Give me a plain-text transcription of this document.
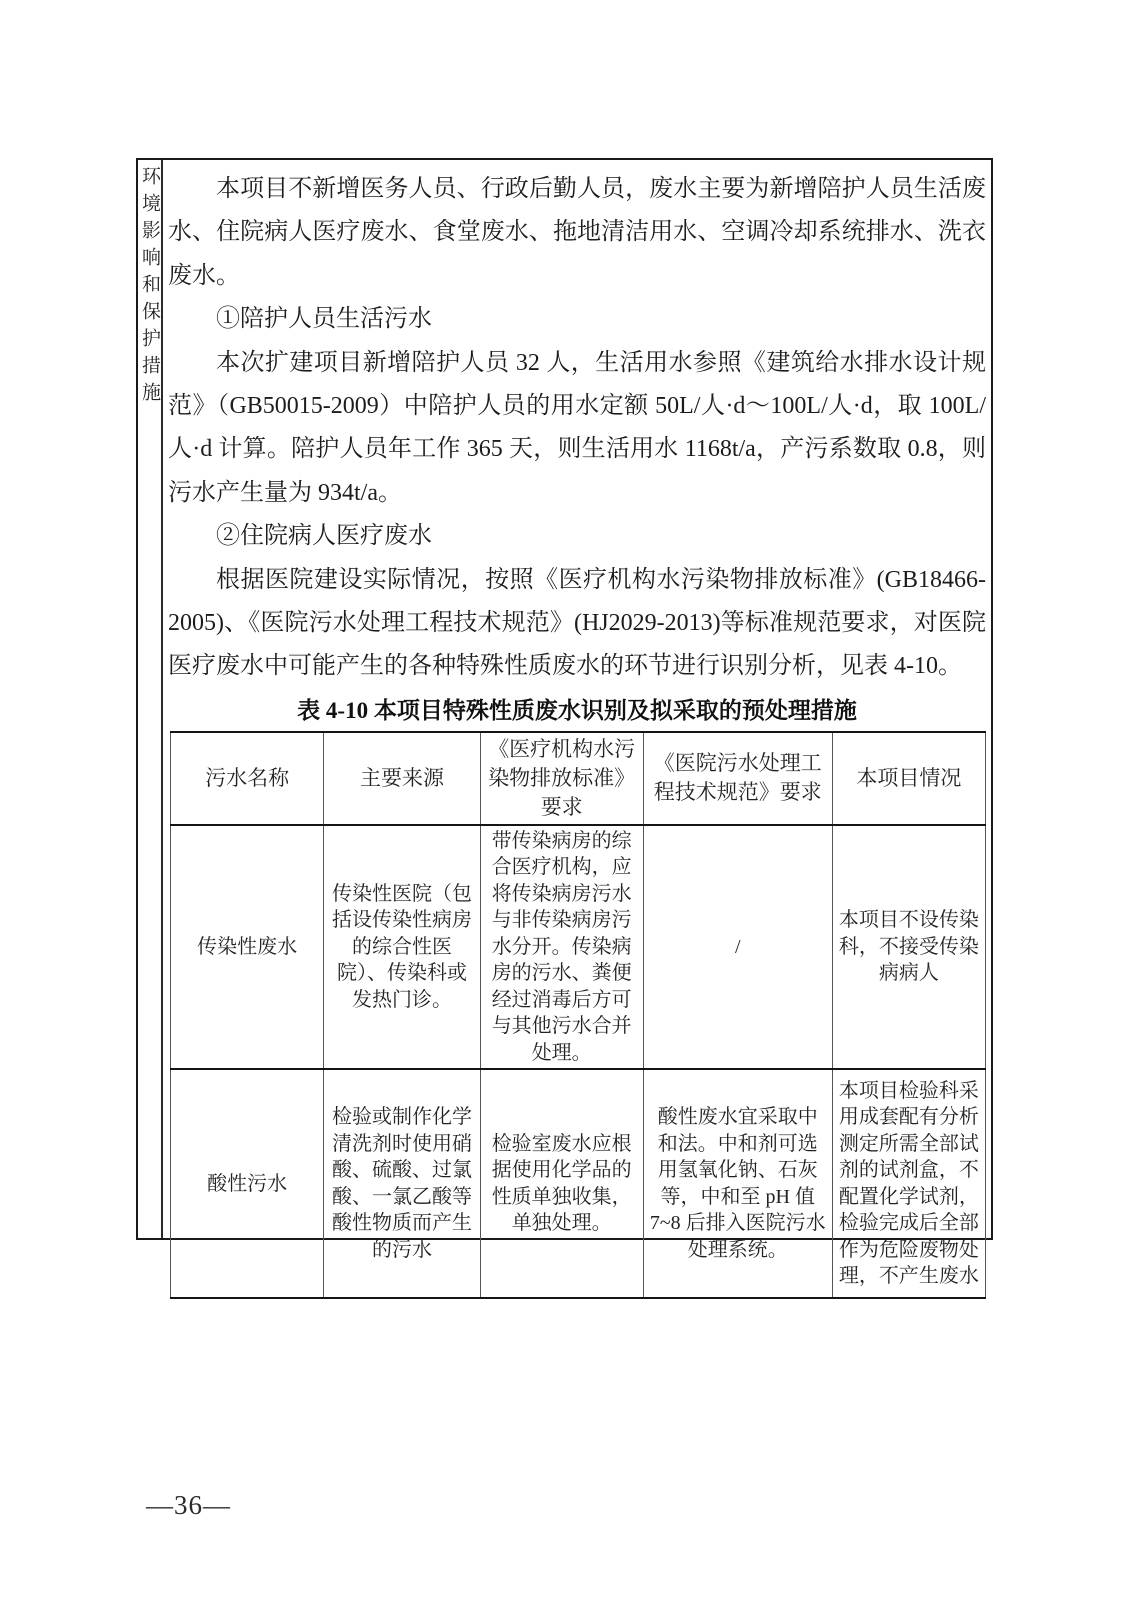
环境影响和保护措施	本项目不新增医务人员、行政后勤人员，废水主要为新增陪护人员生活废水、住院病人医疗废水、食堂废水、拖地清洁用水、空调冷却系统排水、洗衣废水。

①陪护人员生活污水

本次扩建项目新增陪护人员 32 人，生活用水参照《建筑给水排水设计规范》（GB50015-2009）中陪护人员的用水定额 50L/人·d～100L/人·d，取 100L/人·d 计算。陪护人员年工作 365 天，则生活用水 1168t/a，产污系数取 0.8，则污水产生量为 934t/a。

②住院病人医疗废水

根据医院建设实际情况，按照《医疗机构水污染物排放标准》(GB18466-2005)、《医院污水处理工程技术规范》(HJ2029-2013)等标准规范要求，对医院医疗废水中可能产生的各种特殊性质废水的环节进行识别分析，见表 4-10。

表 4-10 本项目特殊性质废水识别及拟采取的预处理措施
污水名称	主要来源	《医疗机构水污染物排放标准》要求	《医院污水处理工程技术规范》要求	本项目情况
传染性废水	传染性医院（包括设传染性病房的综合性医院）、传染科或发热门诊。	带传染病房的综合医疗机构，应将传染病房污水与非传染病房污水分开。传染病房的污水、粪便经过消毒后方可与其他污水合并处理。	/	本项目不设传染科，不接受传染病病人
酸性污水	检验或制作化学清洗剂时使用硝酸、硫酸、过氯酸、一氯乙酸等酸性物质而产生的污水	检验室废水应根据使用化学品的性质单独收集，单独处理。	酸性废水宜采取中和法。中和剂可选用氢氧化钠、石灰等，中和至 pH 值 7~8 后排入医院污水处理系统。	本项目检验科采用成套配有分析测定所需全部试剂的试剂盒，不配置化学试剂，检验完成后全部作为危险废物处理，不产生废水
—36—
